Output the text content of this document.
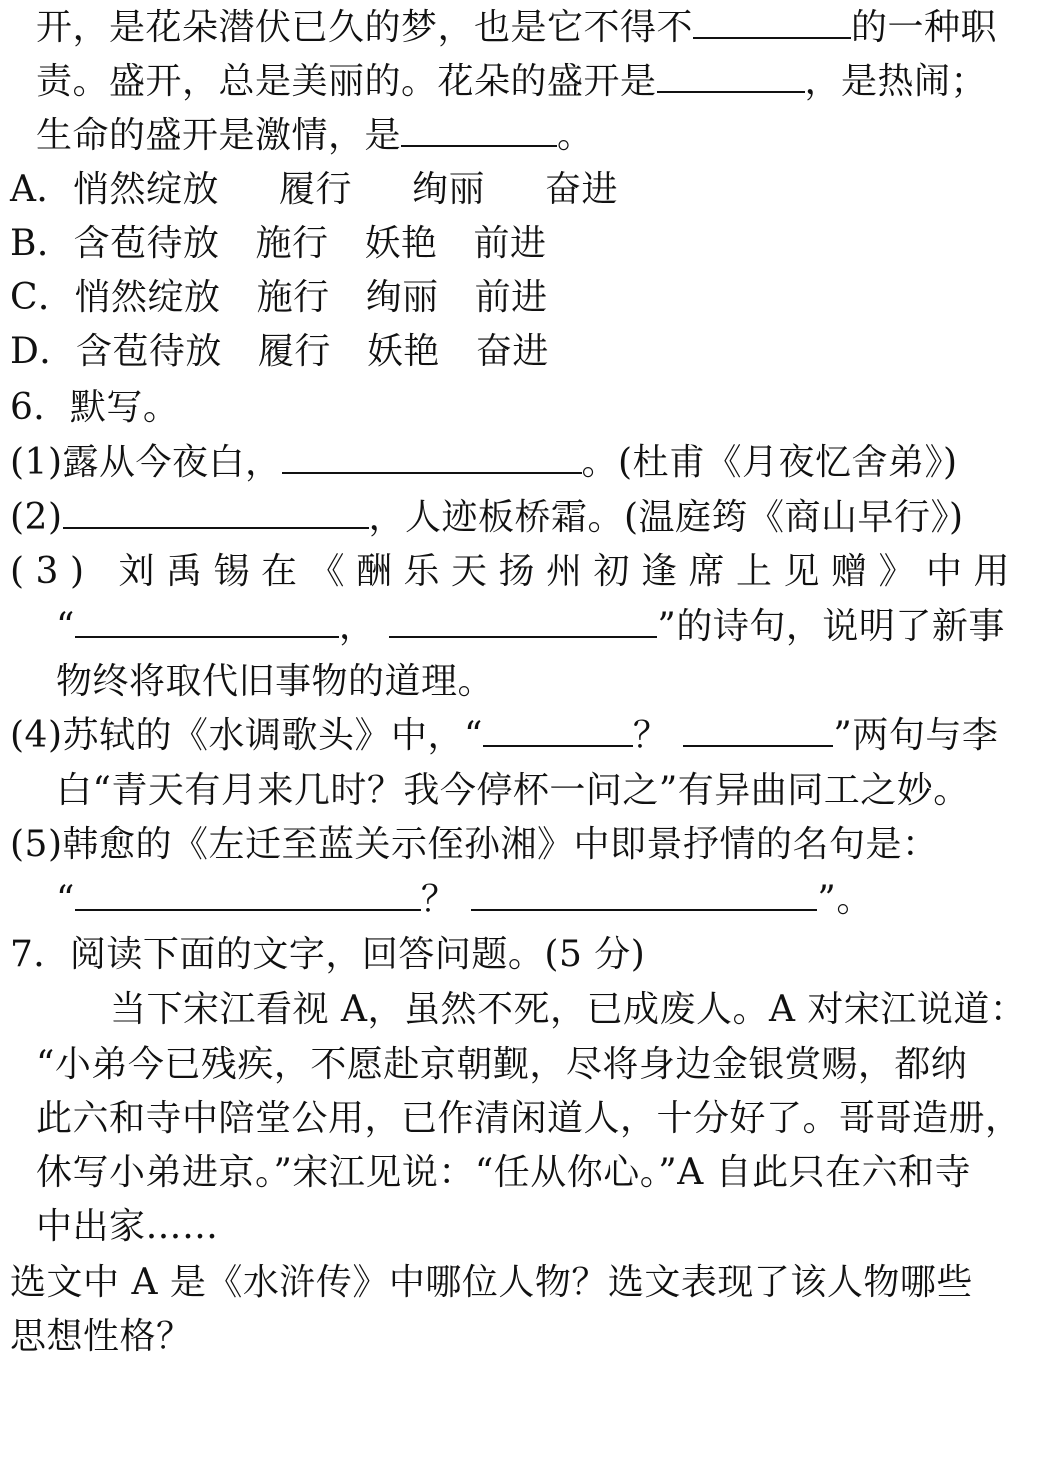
开，是花朵潜伏已久的梦，也是它不得不	的一种职
责。盛开，总是美丽的。花朵的盛开是	，是热闹；
生命的盛开是激情，是	。
A．悄然绽放 履行 绚丽 奋进
B．含苞待放 施行 妖艳 前进
C．悄然绽放 施行 绚丽 前进
D．含苞待放 履行 妖艳 奋进
6．默写。
(1)露从今夜白，	。(杜甫《月夜忆舍弟》)
(2)	，人迹板桥霜。(温庭筠《商山早行》)
(3) 刘禹锡在《酬乐天扬州初逢席上见赠》中用
“	，	”的诗句，说明了新事
物终将取代旧事物的道理。
(4)苏轼的《水调歌头》中，“	？	”两句与李
白“青天有月来几时？我今停杯一问之”有异曲同工之妙。
(5)韩愈的《左迁至蓝关示侄孙湘》中即景抒情的名句是：
“	？	”。
7．阅读下面的文字，回答问题。(5 分)
当下宋江看视 A，虽然不死，已成废人。A 对宋江说道：
“小弟今已残疾，不愿赴京朝觐，尽将身边金银赏赐，都纳
此六和寺中陪堂公用，已作清闲道人，十分好了。哥哥造册，
休写小弟进京。”宋江见说：“任从你心。”A 自此只在六和寺
中出家……
选文中 A 是《水浒传》中哪位人物？选文表现了该人物哪些
思想性格？
